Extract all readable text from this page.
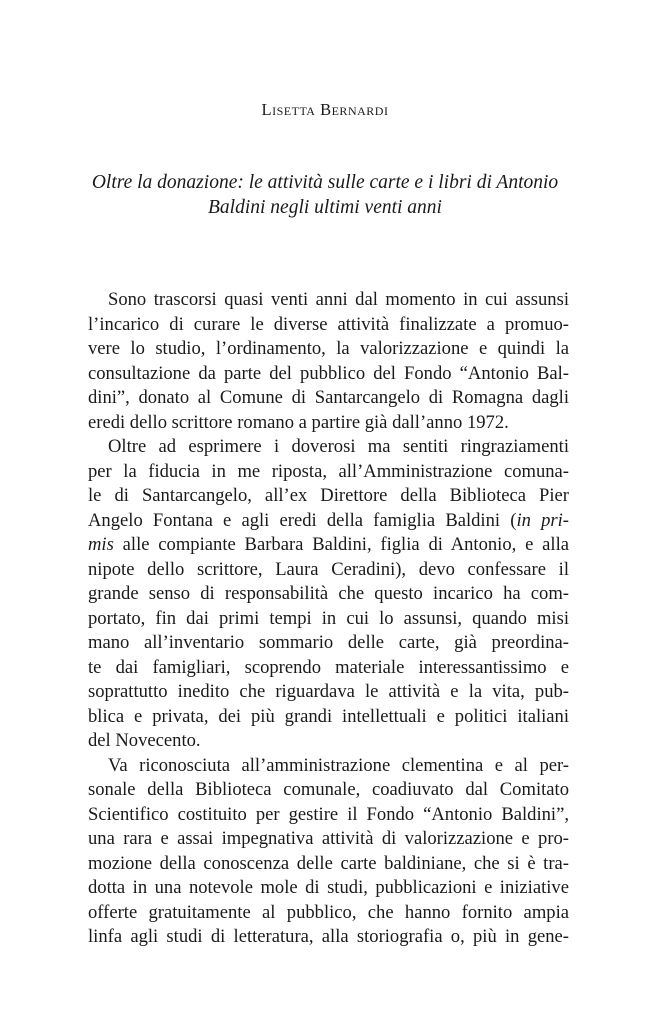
Lisetta Bernardi
Oltre la donazione: le attività sulle carte e i libri di Antonio
Baldini negli ultimi venti anni
Sono trascorsi quasi venti anni dal momento in cui assunsi
l’incarico di curare le diverse attività finalizzate a promuo-
vere lo studio, l’ordinamento, la valorizzazione e quindi la
consultazione da parte del pubblico del Fondo “Antonio Bal-
dini”, donato al Comune di Santarcangelo di Romagna dagli
eredi dello scrittore romano a partire già dall’anno 1972.
Oltre ad esprimere i doverosi ma sentiti ringraziamenti
per la fiducia in me riposta, all’Amministrazione comuna-
le di Santarcangelo, all’ex Direttore della Biblioteca Pier
Angelo Fontana e agli eredi della famiglia Baldini (in pri-
mis alle compiante Barbara Baldini, figlia di Antonio, e alla
nipote dello scrittore, Laura Ceradini), devo confessare il
grande senso di responsabilità che questo incarico ha com-
portato, fin dai primi tempi in cui lo assunsi, quando misi
mano all’inventario sommario delle carte, già preordina-
te dai famigliari, scoprendo materiale interessantissimo e
soprattutto inedito che riguardava le attività e la vita, pub-
blica e privata, dei più grandi intellettuali e politici italiani
del Novecento.
Va riconosciuta all’amministrazione clementina e al per-
sonale della Biblioteca comunale, coadiuvato dal Comitato
Scientifico costituito per gestire il Fondo “Antonio Baldini”,
una rara e assai impegnativa attività di valorizzazione e pro-
mozione della conoscenza delle carte baldiniane, che si è tra-
dotta in una notevole mole di studi, pubblicazioni e iniziative
offerte gratuitamente al pubblico, che hanno fornito ampia
linfa agli studi di letteratura, alla storiografia o, più in gene-
